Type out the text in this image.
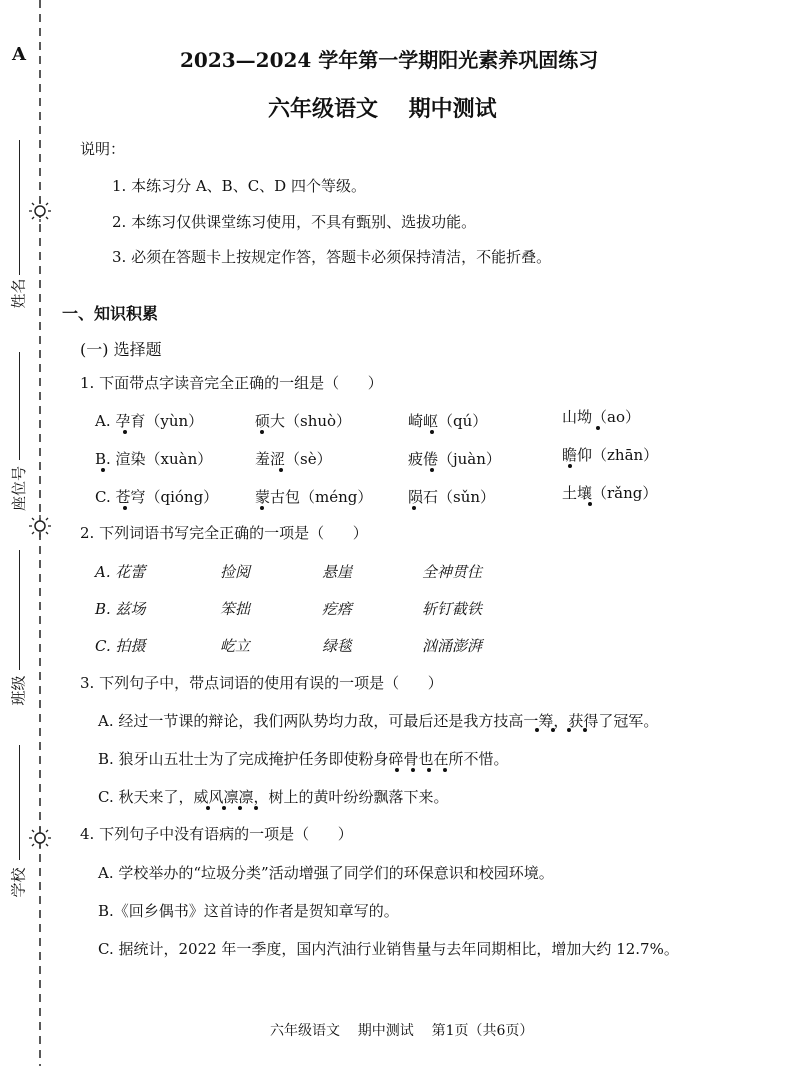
A
姓名
座位号
班级
学校
2023—2024 学年第一学期阳光素养巩固练习
六年级语文    期中测试
说明：
1. 本练习分 A、B、C、D 四个等级。
2. 本练习仅供课堂练习使用，不具有甄别、选拔功能。
3. 必须在答题卡上按规定作答，答题卡必须保持清洁，不能折叠。
一、知识积累
(一) 选择题
1. 下面带点字读音完全正确的一组是（      ）
A. 孕育（yùn）	硕大（shuò）	崎岖（qú）	山坳（ao）
B. 渲染（xuàn）	羞涩（sè）	疲倦（juàn）	瞻仰（zhān）
C. 苍穹（qióng） 蒙古包（méng） 陨石（sǔn）	土壤（rǎng）
2. 下列词语书写完全正确的一项是（      ）
A. 花蕾	捡阅	悬崖	全神贯住
B. 兹场	笨拙	疙瘩	斩钉截铁
C. 拍摄	屹立	绿毯	汹涌澎湃
3. 下列句子中，带点词语的使用有误的一项是（      ）
A. 经过一节课的辩论，我们两队势均力敌，可最后还是我方技高一筹，获得了冠军。
B. 狼牙山五壮士为了完成掩护任务即使粉身碎骨也在所不惜。
C. 秋天来了，威风凛凛，树上的黄叶纷纷飘落下来。
4. 下列句子中没有语病的一项是（      ）
A. 学校举办的“垃圾分类”活动增强了同学们的环保意识和校园环境。
B.《回乡偶书》这首诗的作者是贺知章写的。
C. 据统计，2022 年一季度，国内汽油行业销售量与去年同期相比，增加大约 12.7%。
六年级语文    期中测试    第1页（共6页）
